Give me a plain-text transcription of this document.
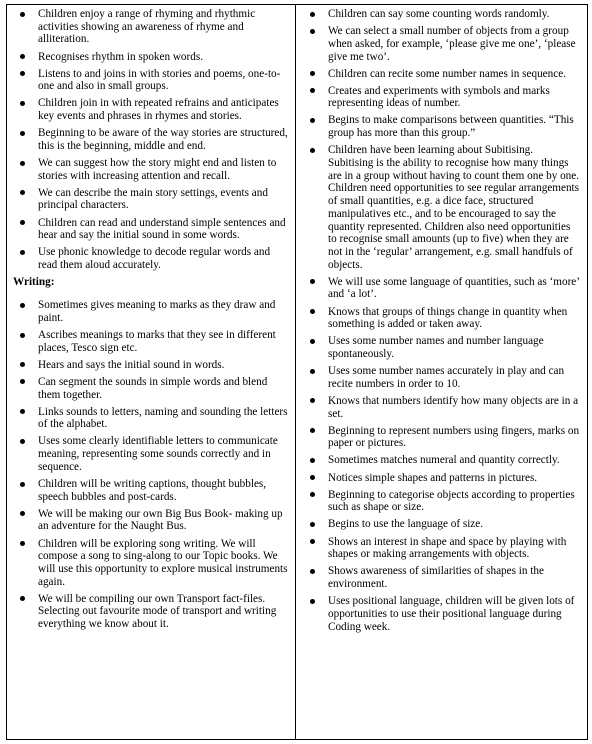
Children enjoy a range of rhyming and rhythmic activities showing an awareness of rhyme and alliteration.
Recognises rhythm in spoken words.
Listens to and joins in with stories and poems, one-to-one and also in small groups.
Children join in with repeated refrains and anticipates key events and phrases in rhymes and stories.
Beginning to be aware of the way stories are structured, this is the beginning, middle and end.
We can suggest how the story might end and listen to stories with increasing attention and recall.
We can describe the main story settings, events and principal characters.
Children can read and understand simple sentences and hear and say the initial sound in some words.
Use phonic knowledge to decode regular words and read them aloud accurately.
Writing:
Sometimes gives meaning to marks as they draw and paint.
Ascribes meanings to marks that they see in different places, Tesco sign etc.
Hears and says the initial sound in words.
Can segment the sounds in simple words and blend them together.
Links sounds to letters, naming and sounding the letters of the alphabet.
Uses some clearly identifiable letters to communicate meaning, representing some sounds correctly and in sequence.
Children will be writing captions, thought bubbles, speech bubbles and post-cards.
We will be making our own Big Bus Book- making up an adventure for the Naught Bus.
Children will be exploring song writing. We will compose a song to sing-along to our Topic books. We will use this opportunity to explore musical instruments again.
We will be compiling our own Transport fact-files. Selecting out favourite mode of transport and writing everything we know about it.
Children can say some counting words randomly.
We can select a small number of objects from a group when asked, for example, ‘please give me one’, ‘please give me two’.
Children can recite some number names in sequence.
Creates and experiments with symbols and marks representing ideas of number.
Begins to make comparisons between quantities. “This group has more than this group.”
Children have been learning about Subitising. Subitising is the ability to recognise how many things are in a group without having to count them one by one. Children need opportunities to see regular arrangements of small quantities, e.g. a dice face, structured manipulatives etc., and to be encouraged to say the quantity represented. Children also need opportunities to recognise small amounts (up to five) when they are not in the ‘regular’ arrangement, e.g. small handfuls of objects.
We will use some language of quantities, such as ‘more’ and ‘a lot’.
Knows that groups of things change in quantity when something is added or taken away.
Uses some number names and number language spontaneously.
Uses some number names accurately in play and can recite numbers in order to 10.
Knows that numbers identify how many objects are in a set.
Beginning to represent numbers using fingers, marks on paper or pictures.
Sometimes matches numeral and quantity correctly.
Notices simple shapes and patterns in pictures.
Beginning to categorise objects according to properties such as shape or size.
Begins to use the language of size.
Shows an interest in shape and space by playing with shapes or making arrangements with objects.
Shows awareness of similarities of shapes in the environment.
Uses positional language, children will be given lots of opportunities to use their positional language during Coding week.
